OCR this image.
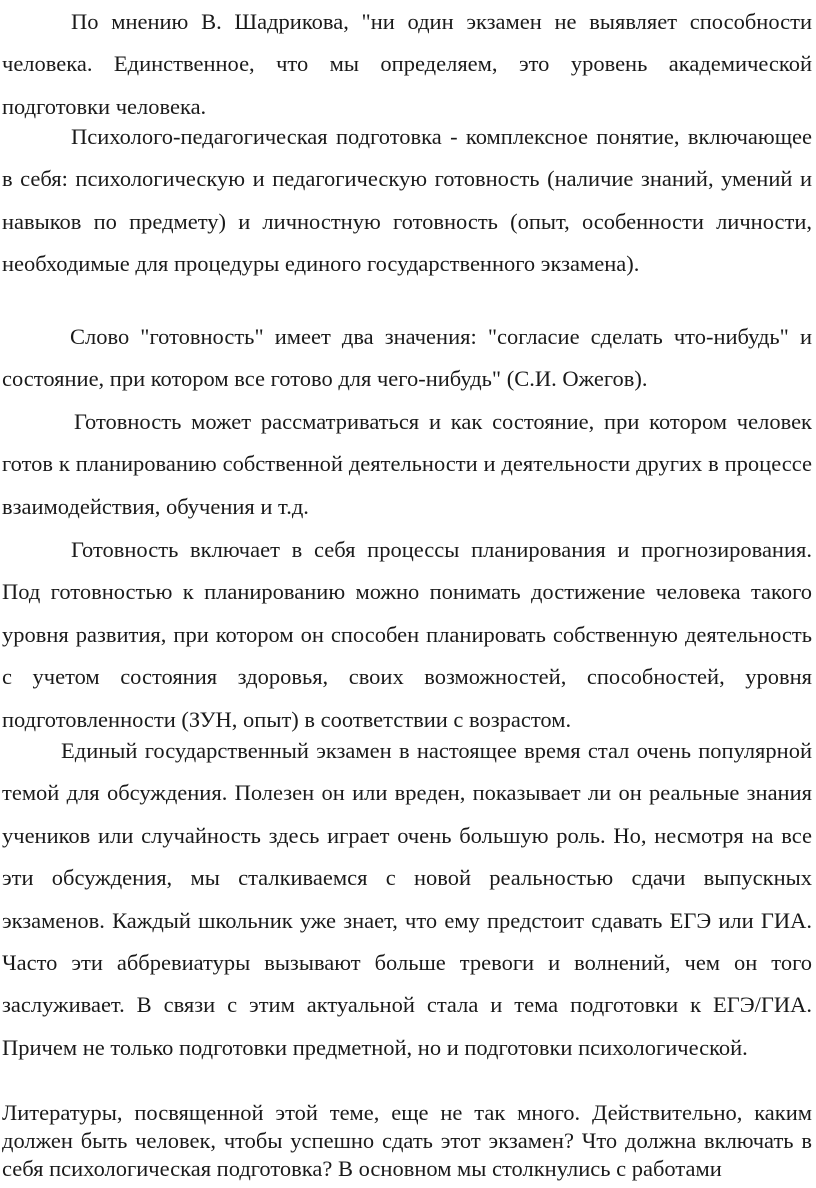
По мнению В. Шадрикова, "ни один экзамен не выявляет способности человека. Единственное, что мы определяем, это уровень академической подготовки человека.

Психолого-педагогическая подготовка - комплексное понятие, включающее в себя: психологическую и педагогическую готовность (наличие знаний, умений и навыков по предмету) и личностную готовность (опыт, особенности личности, необходимые для процедуры единого государственного экзамена).

Слово "готовность" имеет два значения: "согласие сделать что-нибудь" и состояние, при котором все готово для чего-нибудь" (С.И. Ожегов).

Готовность может рассматриваться и как состояние, при котором человек готов к планированию собственной деятельности и деятельности других в процессе взаимодействия, обучения и т.д.

Готовность включает в себя процессы планирования и прогнозирования. Под готовностью к планированию можно понимать достижение человека такого уровня развития, при котором он способен планировать собственную деятельность с учетом состояния здоровья, своих возможностей, способностей, уровня подготовленности (ЗУН, опыт) в соответствии с возрастом.

Единый государственный экзамен в настоящее время стал очень популярной темой для обсуждения. Полезен он или вреден, показывает ли он реальные знания учеников или случайность здесь играет очень большую роль. Но, несмотря на все эти обсуждения, мы сталкиваемся с новой реальностью сдачи выпускных экзаменов. Каждый школьник уже знает, что ему предстоит сдавать ЕГЭ или ГИА. Часто эти аббревиатуры вызывают больше тревоги и волнений, чем он того заслуживает. В связи с этим актуальной стала и тема подготовки к ЕГЭ/ГИА. Причем не только подготовки предметной, но и подготовки психологической.

Литературы, посвященной этой теме, еще не так много. Действительно, каким должен быть человек, чтобы успешно сдать этот экзамен? Что должна включать в себя психологическая подготовка? В основном мы столкнулись с работами
